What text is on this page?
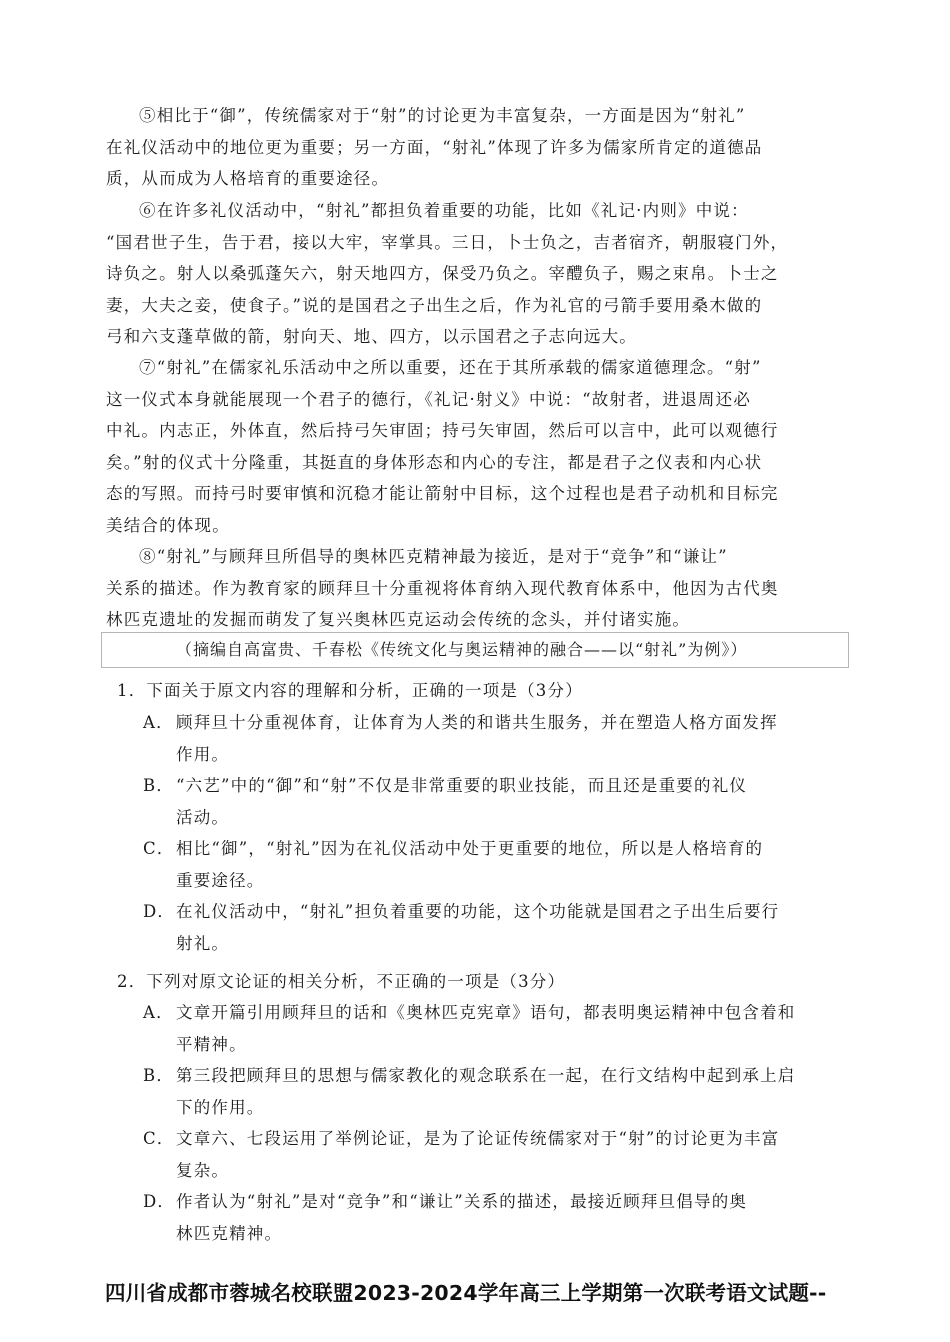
⑤相比于“御”，传统儒家对于“射”的讨论更为丰富复杂，一方面是因为“射礼”
在礼仪活动中的地位更为重要；另一方面，“射礼”体现了许多为儒家所肯定的道德品
质，从而成为人格培育的重要途径。
⑥在许多礼仪活动中，“射礼”都担负着重要的功能，比如《礼记·内则》中说：
“国君世子生，告于君，接以大牢，宰掌具。三日，卜士负之，吉者宿齐，朝服寝门外，
诗负之。射人以桑弧蓬矢六，射天地四方，保受乃负之。宰醴负子，赐之束帛。卜士之
妻，大夫之妾，使食子。”说的是国君之子出生之后，作为礼官的弓箭手要用桑木做的
弓和六支蓬草做的箭，射向天、地、四方，以示国君之子志向远大。
⑦“射礼”在儒家礼乐活动中之所以重要，还在于其所承载的儒家道德理念。“射”
这一仪式本身就能展现一个君子的德行，《礼记·射义》中说：“故射者，进退周还必
中礼。内志正，外体直，然后持弓矢审固；持弓矢审固，然后可以言中，此可以观德行
矣。”射的仪式十分隆重，其挺直的身体形态和内心的专注，都是君子之仪表和内心状
态的写照。而持弓时要审慎和沉稳才能让箭射中目标，这个过程也是君子动机和目标完
美结合的体现。
⑧“射礼”与顾拜旦所倡导的奥林匹克精神最为接近，是对于“竞争”和“谦让”
关系的描述。作为教育家的顾拜旦十分重视将体育纳入现代教育体系中，他因为古代奥
林匹克遗址的发掘而萌发了复兴奥林匹克运动会传统的念头，并付诸实施。
（摘编自高富贵、千春松《传统文化与奥运精神的融合——以“射礼”为例》）
1．下面关于原文内容的理解和分析，正确的一项是（3分）
A． 顾拜旦十分重视体育，让体育为人类的和谐共生服务，并在塑造人格方面发挥
作用。
B． “六艺”中的“御”和“射”不仅是非常重要的职业技能，而且还是重要的礼仪
活动。
C． 相比“御”，“射礼”因为在礼仪活动中处于更重要的地位，所以是人格培育的
重要途径。
D． 在礼仪活动中，“射礼”担负着重要的功能，这个功能就是国君之子出生后要行
射礼。
2．下列对原文论证的相关分析，不正确的一项是（3分）
A． 文章开篇引用顾拜旦的话和《奥林匹克宪章》语句，都表明奥运精神中包含着和
平精神。
B． 第三段把顾拜旦的思想与儒家教化的观念联系在一起，在行文结构中起到承上启
下的作用。
C． 文章六、七段运用了举例论证，是为了论证传统儒家对于“射”的讨论更为丰富
复杂。
D． 作者认为“射礼”是对“竞争”和“谦让”关系的描述，最接近顾拜旦倡导的奥
林匹克精神。
四川省成都市蓉城名校联盟2023-2024学年高三上学期第一次联考语文试题--
